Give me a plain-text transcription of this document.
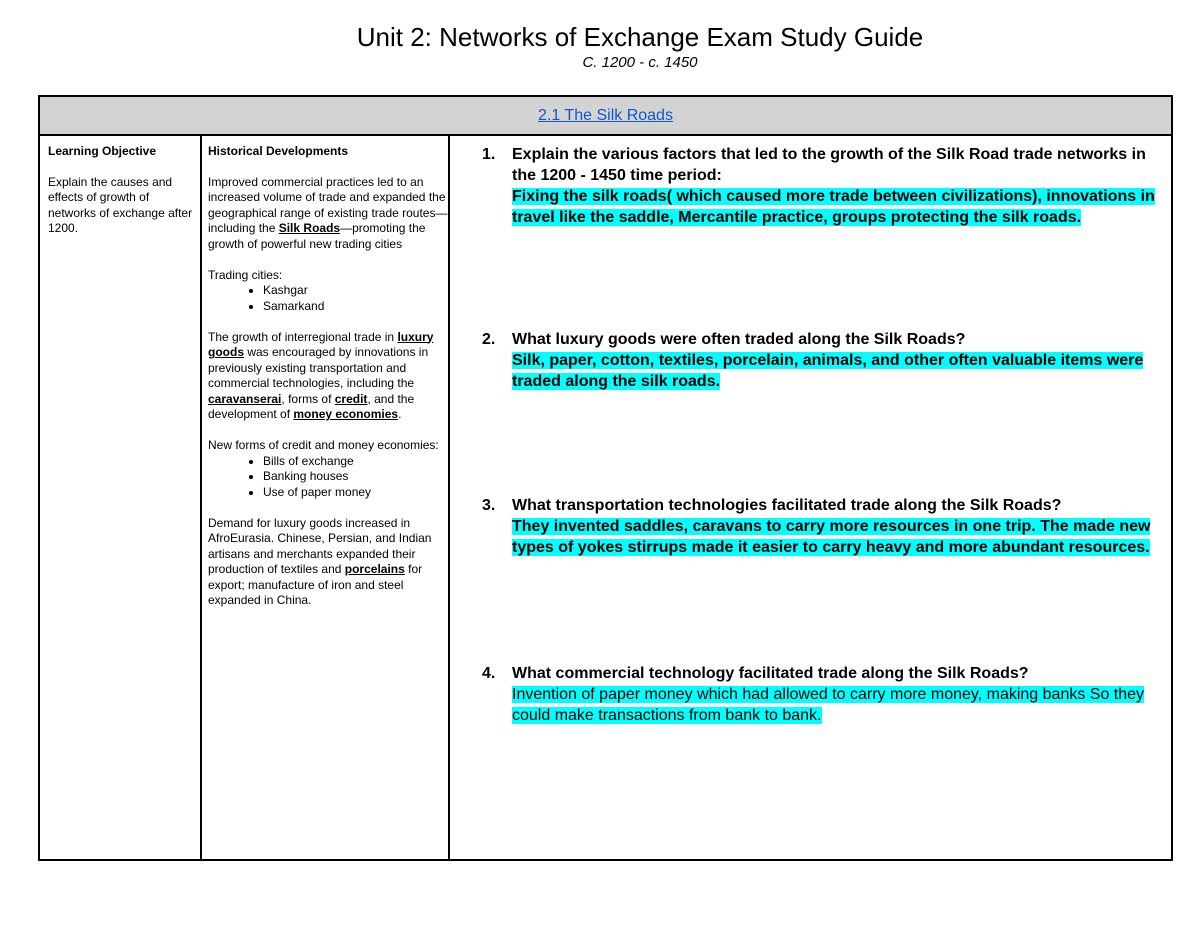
Unit 2: Networks of Exchange Exam Study Guide
C. 1200 - c. 1450
2.1 The Silk Roads
Learning Objective
Explain the causes and effects of growth of networks of exchange after 1200.
Historical Developments

Improved commercial practices led to an increased volume of trade and expanded the geographical range of existing trade routes— including the Silk Roads—promoting the growth of powerful new trading cities

Trading cities:
• Kashgar
• Samarkand

The growth of interregional trade in luxury goods was encouraged by innovations in previously existing transportation and commercial technologies, including the caravanserai, forms of credit, and the development of money economies.

New forms of credit and money economies:
• Bills of exchange
• Banking houses
• Use of paper money

Demand for luxury goods increased in AfroEurasia. Chinese, Persian, and Indian artisans and merchants expanded their production of textiles and porcelains for export; manufacture of iron and steel expanded in China.

1. Explain the various factors that led to the growth of the Silk Road trade networks in the 1200 - 1450 time period:
Fixing the silk roads( which caused more trade between civilizations), innovations in travel like the saddle, Mercantile practice, groups protecting the silk roads.
2. What luxury goods were often traded along the Silk Roads?
Silk, paper, cotton, textiles, porcelain, animals, and other often valuable items were traded along the silk roads.
3. What transportation technologies facilitated trade along the Silk Roads?
They invented saddles, caravans to carry more resources in one trip. The made new types of yokes stirrups made it easier to carry heavy and more abundant resources.
4. What commercial technology facilitated trade along the Silk Roads?
Invention of paper money which had allowed to carry more money, making banks So they could make transactions from bank to bank.
